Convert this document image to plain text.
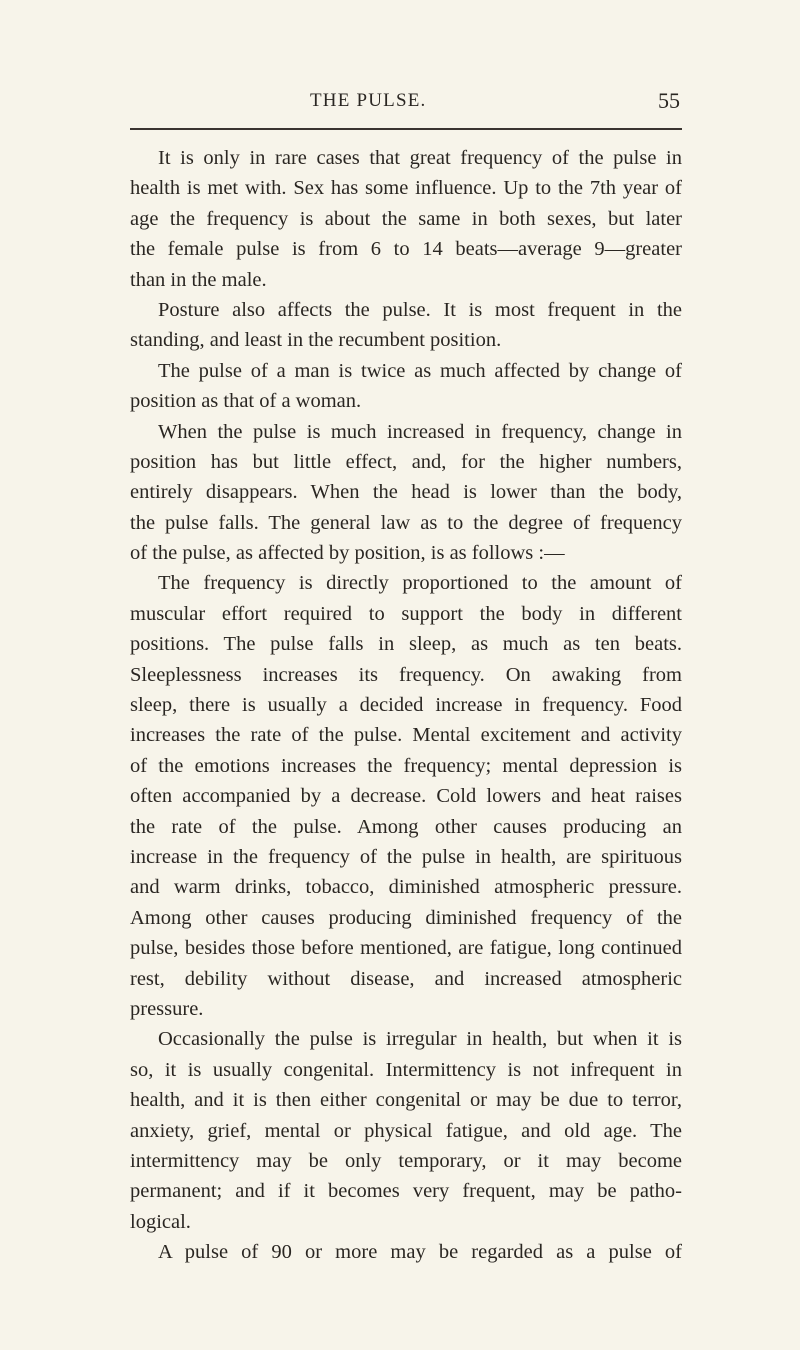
THE PULSE.	55
It is only in rare cases that great frequency of the pulse in
health is met with. Sex has some influence. Up to the 7th year of
age the frequency is about the same in both sexes, but later
the female pulse is from 6 to 14 beats—average 9—greater
than in the male.
Posture also affects the pulse. It is most frequent in the
standing, and least in the recumbent position.
The pulse of a man is twice as much affected by change of
position as that of a woman.
When the pulse is much increased in frequency, change in
position has but little effect, and, for the higher numbers,
entirely disappears. When the head is lower than the body,
the pulse falls. The general law as to the degree of frequency
of the pulse, as affected by position, is as follows :—
The frequency is directly proportioned to the amount of
muscular effort required to support the body in different
positions. The pulse falls in sleep, as much as ten beats.
Sleeplessness increases its frequency. On awaking from
sleep, there is usually a decided increase in frequency. Food
increases the rate of the pulse. Mental excitement and activity
of the emotions increases the frequency; mental depression is
often accompanied by a decrease. Cold lowers and heat raises
the rate of the pulse. Among other causes producing an
increase in the frequency of the pulse in health, are spirituous
and warm drinks, tobacco, diminished atmospheric pressure.
Among other causes producing diminished frequency of the
pulse, besides those before mentioned, are fatigue, long continued
rest, debility without disease, and increased atmospheric
pressure.
Occasionally the pulse is irregular in health, but when it is
so, it is usually congenital. Intermittency is not infrequent in
health, and it is then either congenital or may be due to terror,
anxiety, grief, mental or physical fatigue, and old age. The
intermittency may be only temporary, or it may become
permanent; and if it becomes very frequent, may be patho-
logical.
A pulse of 90 or more may be regarded as a pulse of
